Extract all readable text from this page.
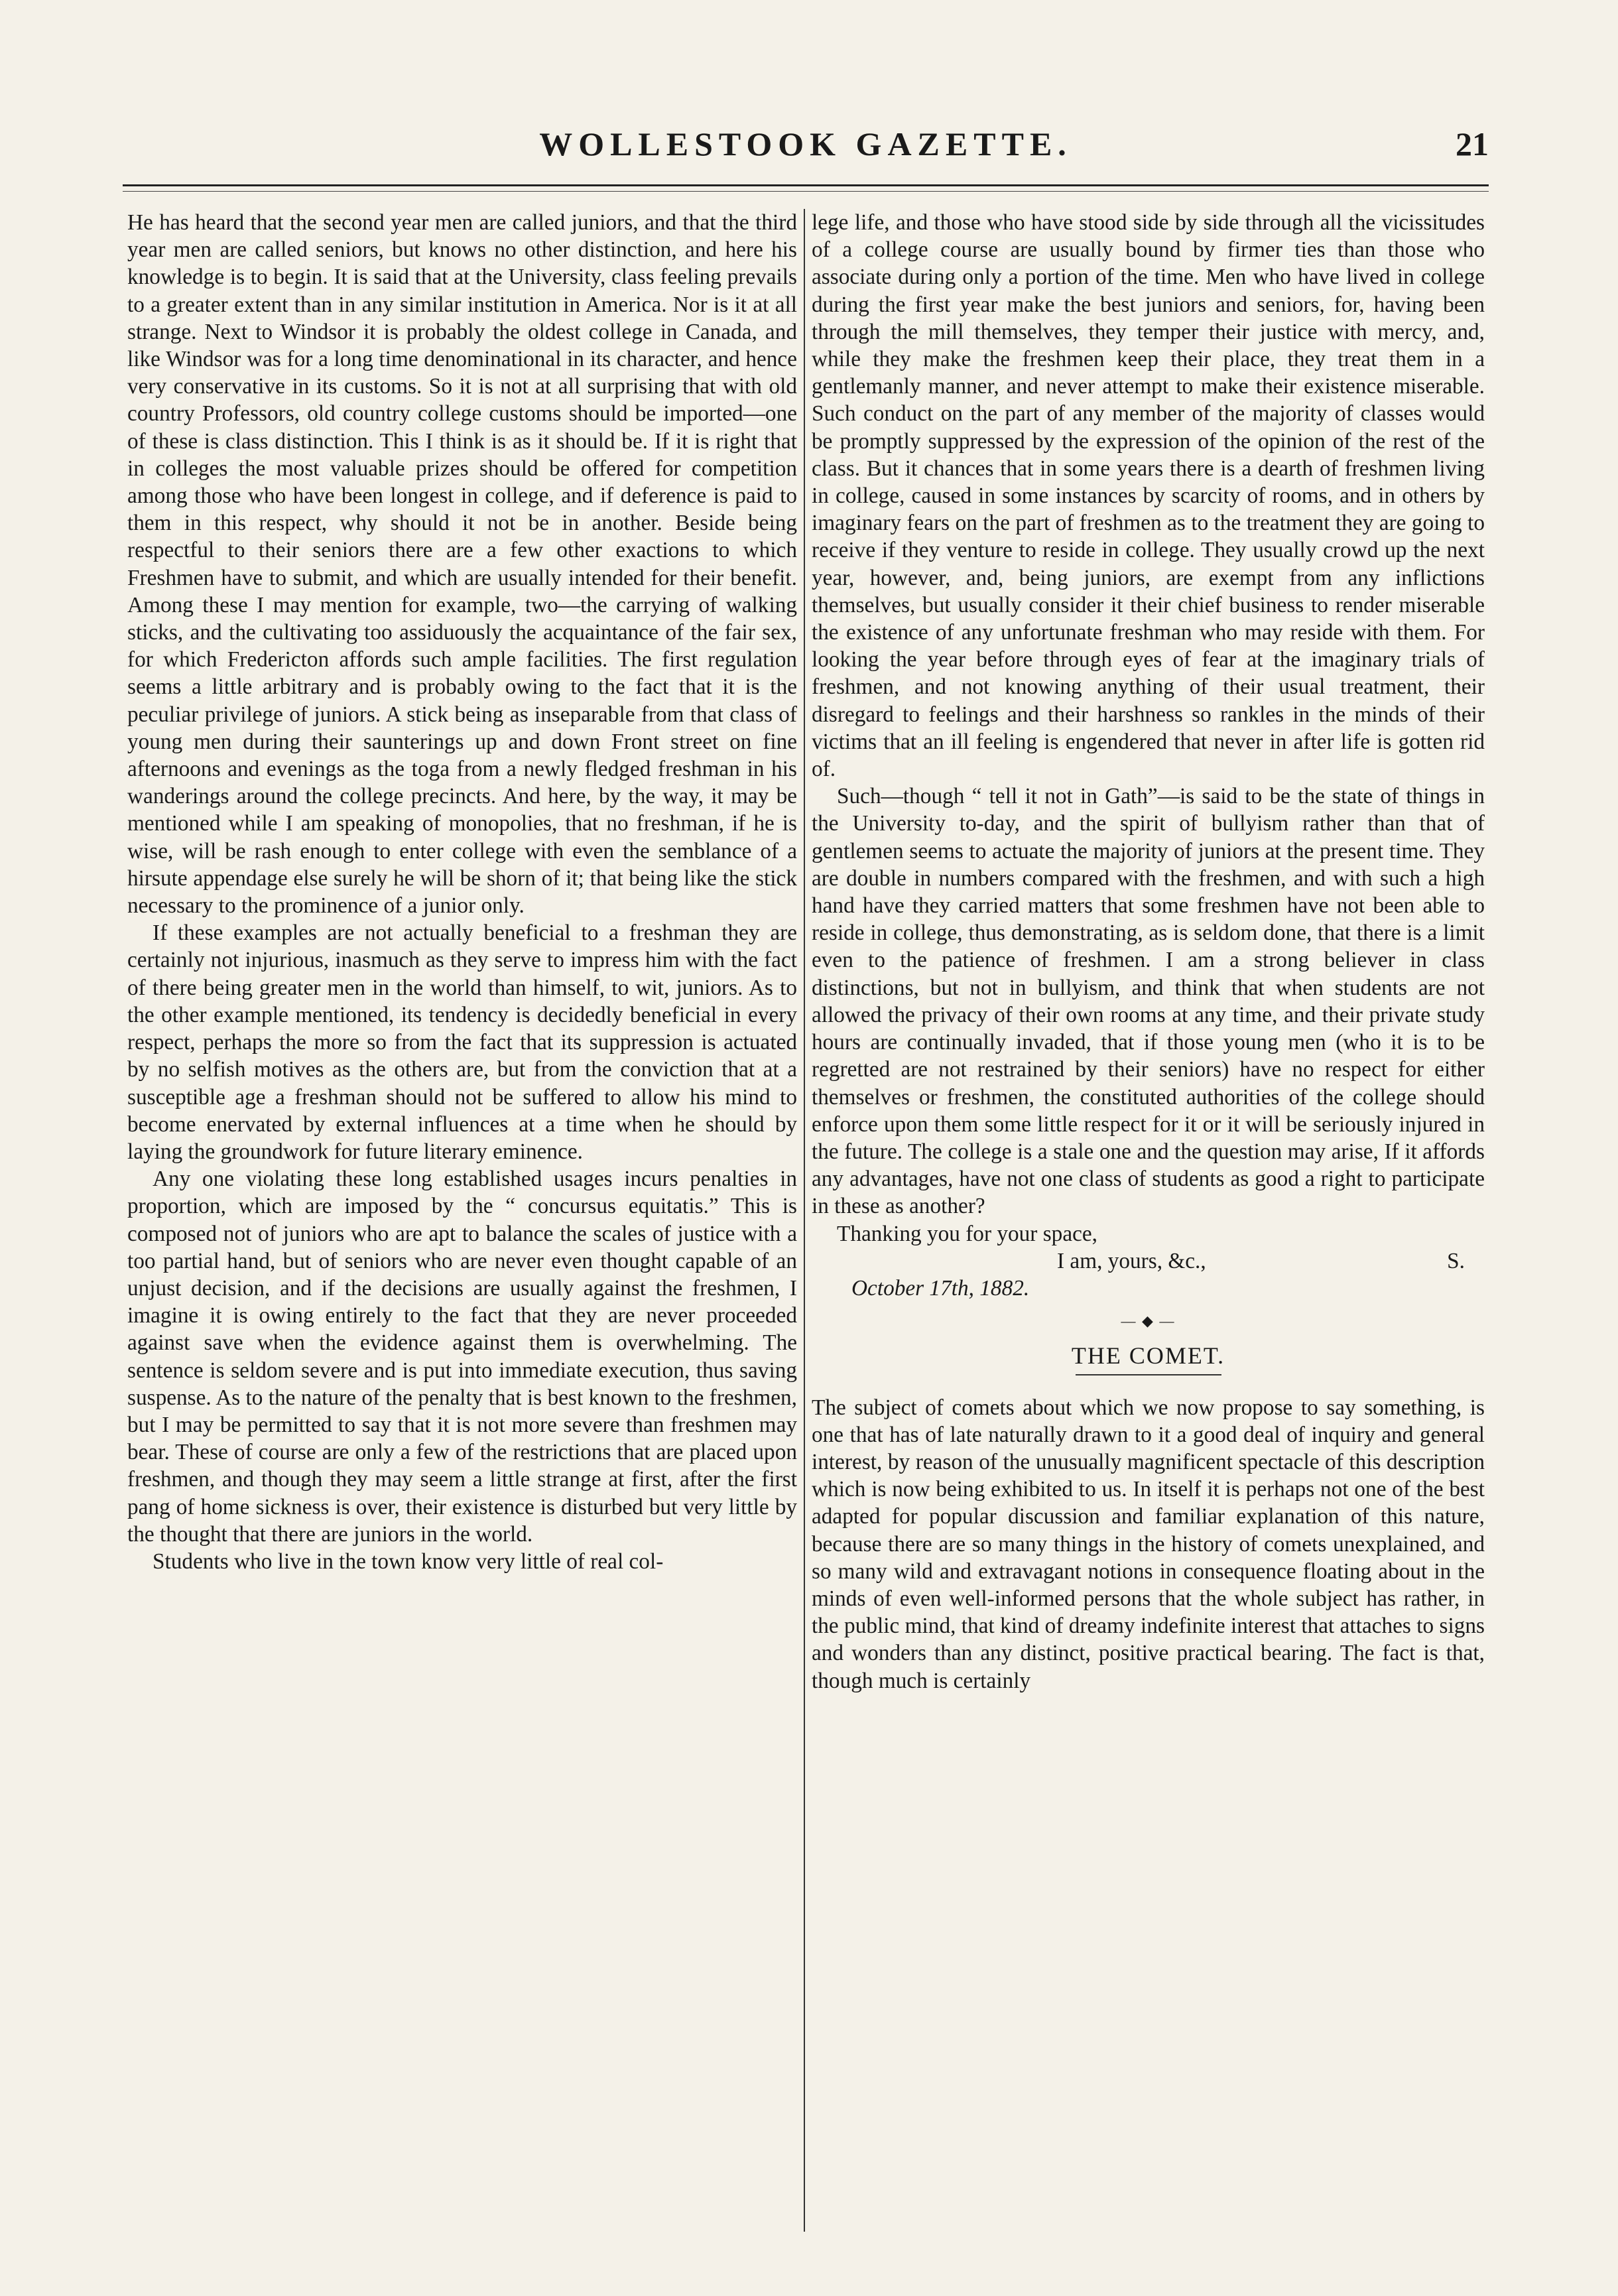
WOLLESTOOK GAZETTE.	21

He has heard that the second year men are called juniors, and that the third year men are called seniors, but knows no other distinction, and here his knowledge is to begin. It is said that at the University, class feeling prevails to a greater extent than in any similar institution in America. Nor is it at all strange. Next to Windsor it is probably the oldest college in Canada, and like Windsor was for a long time denominational in its character, and hence very conservative in its customs. So it is not at all surprising that with old country Professors, old country college customs should be imported—one of these is class distinction. This I think is as it should be. If it is right that in colleges the most valuable prizes should be offered for competition among those who have been longest in college, and if deference is paid to them in this respect, why should it not be in another. Beside being respectful to their seniors there are a few other exactions to which Freshmen have to submit, and which are usually intended for their benefit. Among these I may mention for example, two—the carrying of walking sticks, and the cultivating too assiduously the acquaintance of the fair sex, for which Fredericton affords such ample facilities. The first regulation seems a little arbitrary and is probably owing to the fact that it is the peculiar privilege of juniors. A stick being as inseparable from that class of young men during their saunterings up and down Front street on fine afternoons and evenings as the toga from a newly fledged freshman in his wanderings around the college precincts. And here, by the way, it may be mentioned while I am speaking of monopolies, that no freshman, if he is wise, will be rash enough to enter college with even the semblance of a hirsute appendage else surely he will be shorn of it; that being like the stick necessary to the prominence of a junior only.

If these examples are not actually beneficial to a freshman they are certainly not injurious, inasmuch as they serve to impress him with the fact of there being greater men in the world than himself, to wit, juniors. As to the other example mentioned, its tendency is decidedly beneficial in every respect, perhaps the more so from the fact that its suppression is actuated by no selfish motives as the others are, but from the conviction that at a susceptible age a freshman should not be suffered to allow his mind to become enervated by external influences at a time when he should by laying the groundwork for future literary eminence.

Any one violating these long established usages incurs penalties in proportion, which are imposed by the “ concursus equitatis.” This is composed not of juniors who are apt to balance the scales of justice with a too partial hand, but of seniors who are never even thought capable of an unjust decision, and if the decisions are usually against the freshmen, I imagine it is owing entirely to the fact that they are never proceeded against save when the evidence against them is overwhelming. The sentence is seldom severe and is put into immediate execution, thus saving suspense. As to the nature of the penalty that is best known to the freshmen, but I may be permitted to say that it is not more severe than freshmen may bear. These of course are only a few of the restrictions that are placed upon freshmen, and though they may seem a little strange at first, after the first pang of home sickness is over, their existence is disturbed but very little by the thought that there are juniors in the world.

Students who live in the town know very little of real col-

lege life, and those who have stood side by side through all the vicissitudes of a college course are usually bound by firmer ties than those who associate during only a portion of the time. Men who have lived in college during the first year make the best juniors and seniors, for, having been through the mill themselves, they temper their justice with mercy, and, while they make the freshmen keep their place, they treat them in a gentlemanly manner, and never attempt to make their existence miserable. Such conduct on the part of any member of the majority of classes would be promptly suppressed by the expression of the opinion of the rest of the class. But it chances that in some years there is a dearth of freshmen living in college, caused in some instances by scarcity of rooms, and in others by imaginary fears on the part of freshmen as to the treatment they are going to receive if they venture to reside in college. They usually crowd up the next year, however, and, being juniors, are exempt from any inflictions themselves, but usually consider it their chief business to render miserable the existence of any unfortunate freshman who may reside with them. For looking the year before through eyes of fear at the imaginary trials of freshmen, and not knowing anything of their usual treatment, their disregard to feelings and their harshness so rankles in the minds of their victims that an ill feeling is engendered that never in after life is gotten rid of.

Such—though “ tell it not in Gath”—is said to be the state of things in the University to-day, and the spirit of bullyism rather than that of gentlemen seems to actuate the majority of juniors at the present time. They are double in numbers compared with the freshmen, and with such a high hand have they carried matters that some freshmen have not been able to reside in college, thus demonstrating, as is seldom done, that there is a limit even to the patience of freshmen. I am a strong believer in class distinctions, but not in bullyism, and think that when students are not allowed the privacy of their own rooms at any time, and their private study hours are continually invaded, that if those young men (who it is to be regretted are not restrained by their seniors) have no respect for either themselves or freshmen, the constituted authorities of the college should enforce upon them some little respect for it or it will be seriously injured in the future. The college is a stale one and the question may arise, If it affords any advantages, have not one class of students as good a right to participate in these as another?

Thanking you for your space,

I am, yours, &c.,	S.
October 17th, 1882.
— ◆ —
THE COMET.

The subject of comets about which we now propose to say something, is one that has of late naturally drawn to it a good deal of inquiry and general interest, by reason of the unusually magnificent spectacle of this description which is now being exhibited to us. In itself it is perhaps not one of the best adapted for popular discussion and familiar explanation of this nature, because there are so many things in the history of comets unexplained, and so many wild and extravagant notions in consequence floating about in the minds of even well-informed persons that the whole subject has rather, in the public mind, that kind of dreamy indefinite interest that attaches to signs and wonders than any distinct, positive practical bearing. The fact is that, though much is certainly
